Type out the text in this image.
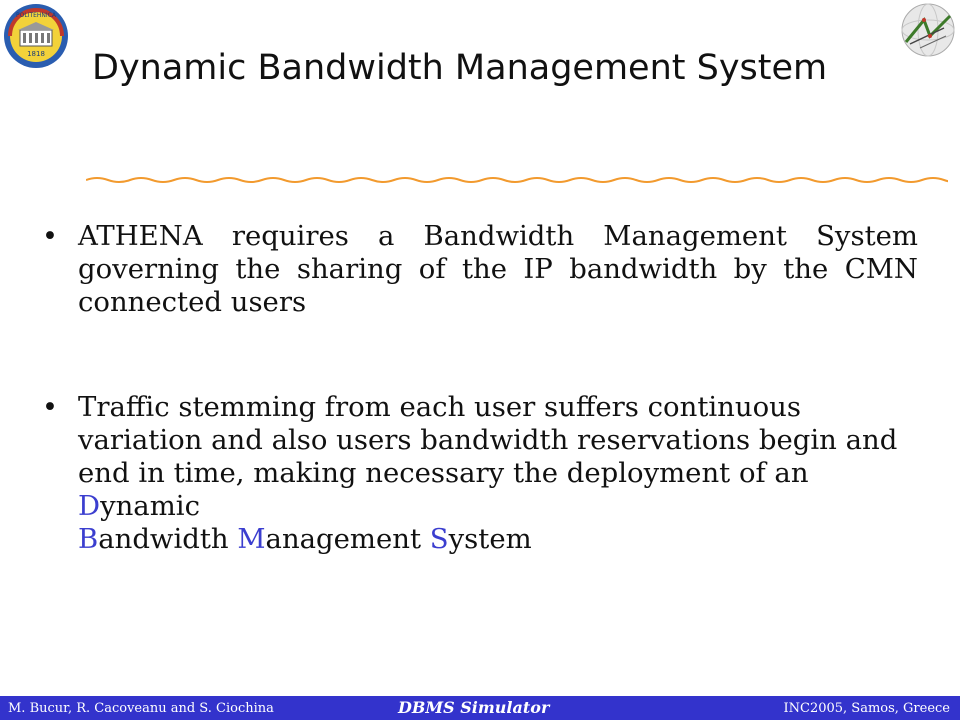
POLITEHNICA
1818 Dynamic Bandwidth Management System
• ATHENA requires a Bandwidth Management System governing the sharing of the IP bandwidth by the CMN connected users
• Traffic stemming from each user suffers continuous variation and also users bandwidth reservations begin and end in time, making necessary the deployment of an Dynamic
Bandwidth Management System
M. Bucur, R. Cacoveanu and S. Ciochina	DBMS Simulator	INC2005, Samos, Greece
